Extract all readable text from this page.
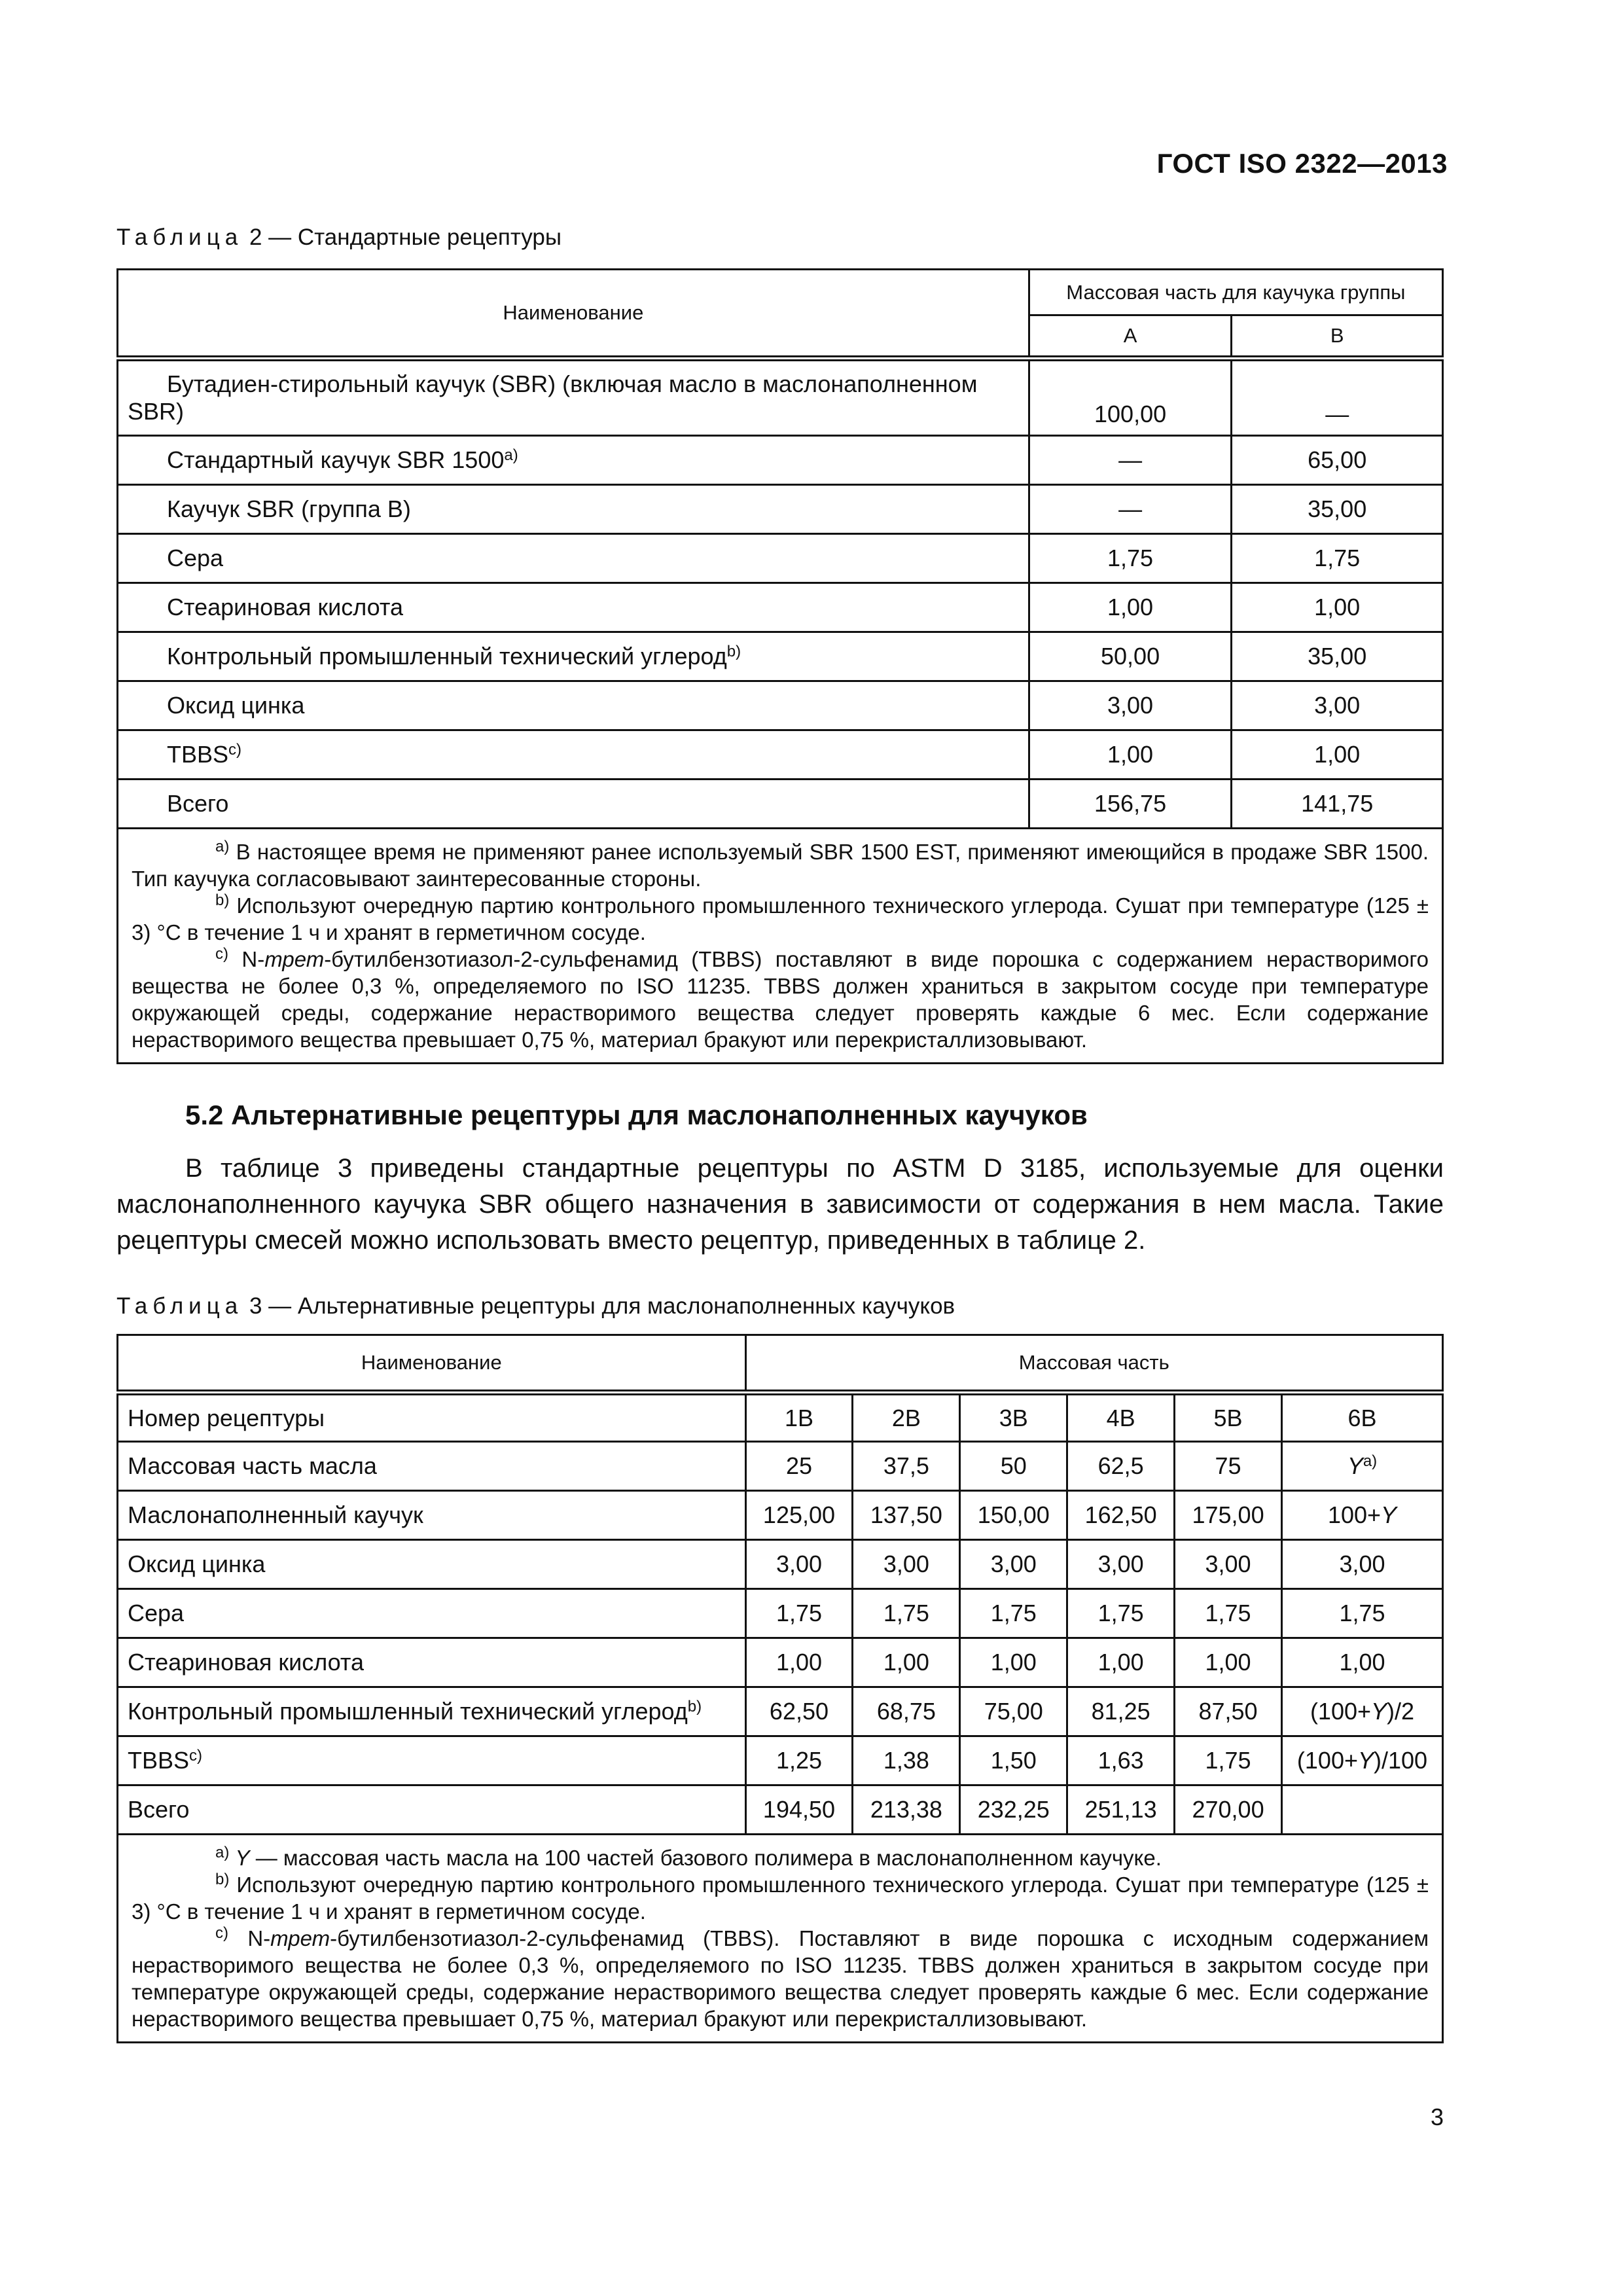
ГОСТ ISO 2322—2013
Таблица 2 — Стандартные рецептуры
Наименование	Массовая часть для каучука группы	
	А	В
Бутадиен-стирольный каучук (SBR) (включая масло в маслонаполненном SBR)	100,00	—
Стандартный каучук SBR 1500$^{a)}$	—	65,00
Каучук SBR (группа B)	—	35,00
Сера	1,75	1,75
Стеариновая кислота	1,00	1,00
Контрольный промышленный технический углерод$^{b)}$	50,00	35,00
Оксид цинка	3,00	3,00
TBBS$^{c)}$	1,00	1,00
Всего	156,75	141,75

$^{a)}$ В настоящее время не применяют ранее используемый SBR 1500 EST, применяют имеющийся в продаже SBR 1500. Тип каучука согласовывают заинтересованные стороны.

$^{b)}$ Используют очередную партию контрольного промышленного технического углерода. Сушат при температуре (125 ± 3) °C в течение 1 ч и хранят в герметичном сосуде.

$^{c)}$ N-трет-бутилбензотиазол-2-сульфенамид (TBBS) поставляют в виде порошка с содержанием нерастворимого вещества не более 0,3 %, определяемого по ISO 11235. TBBS должен храниться в закрытом сосуде при температуре окружающей среды, содержание нерастворимого вещества следует проверять каждые 6 мес. Если содержание нерастворимого вещества превышает 0,75 %, материал бракуют или перекристаллизовывают.		

5.2 Альтернативные рецептуры для маслонаполненных каучуков

В таблице 3 приведены стандартные рецептуры по ASTM D 3185, используемые для оценки маслонаполненного каучука SBR общего назначения в зависимости от содержания в нем масла. Такие рецептуры смесей можно использовать вместо рецептур, приведенных в таблице 2.

Таблица 3 — Альтернативные рецептуры для маслонаполненных каучуков
Наименование	Массовая часть					
Номер рецептуры	1B	2B	3B	4B	5B	6B
Массовая часть масла	25	37,5	50	62,5	75	$Y^{a)}$
Маслонаполненный каучук	125,00	137,50	150,00	162,50	175,00	100+Y
Оксид цинка	3,00	3,00	3,00	3,00	3,00	3,00
Сера	1,75	1,75	1,75	1,75	1,75	1,75
Стеариновая кислота	1,00	1,00	1,00	1,00	1,00	1,00
Контрольный промышленный технический углерод$^{b)}$	62,50	68,75	75,00	81,25	87,50	(100+Y)/2
TBBS$^{c)}$	1,25	1,38	1,50	1,63	1,75	(100+Y)/100
Всего	194,50	213,38	232,25	251,13	270,00	

$^{a)}$ Y — массовая часть масла на 100 частей базового полимера в маслонаполненном каучуке.

$^{b)}$ Используют очередную партию контрольного промышленного технического углерода. Сушат при температуре (125 ± 3) °C в течение 1 ч и хранят в герметичном сосуде.

$^{c)}$ N-трет-бутилбензотиазол-2-сульфенамид (TBBS). Поставляют в виде порошка с исходным содержанием нерастворимого вещества не более 0,3 %, определяемого по ISO 11235. TBBS должен храниться в закрытом сосуде при температуре окружающей среды, содержание нерастворимого вещества следует проверять каждые 6 мес. Если содержание нерастворимого вещества превышает 0,75 %, материал бракуют или перекристаллизовывают.						

3
